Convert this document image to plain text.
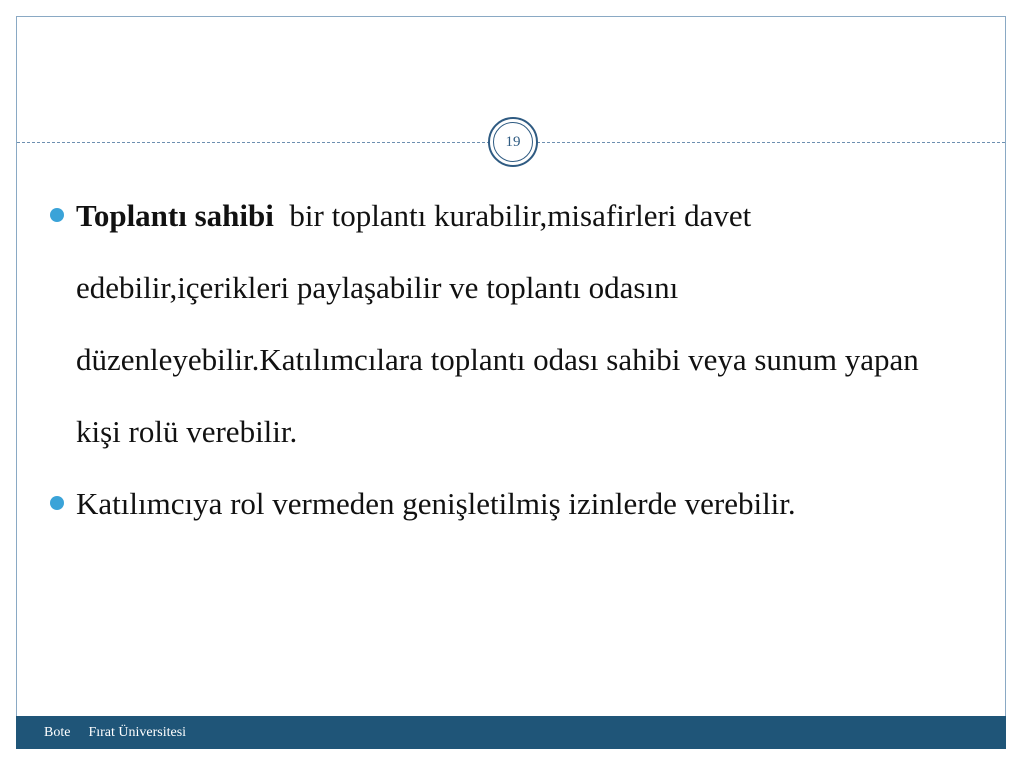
19
Toplantı sahibi  bir toplantı kurabilir,misafirleri davet edebilir,içerikleri paylaşabilir ve toplantı odasını düzenleyebilir.Katılımcılara toplantı odası sahibi veya sunum yapan kişi rolü verebilir.
Katılımcıya rol vermeden genişletilmiş izinlerde verebilir.
Bote Fırat Üniversitesi
